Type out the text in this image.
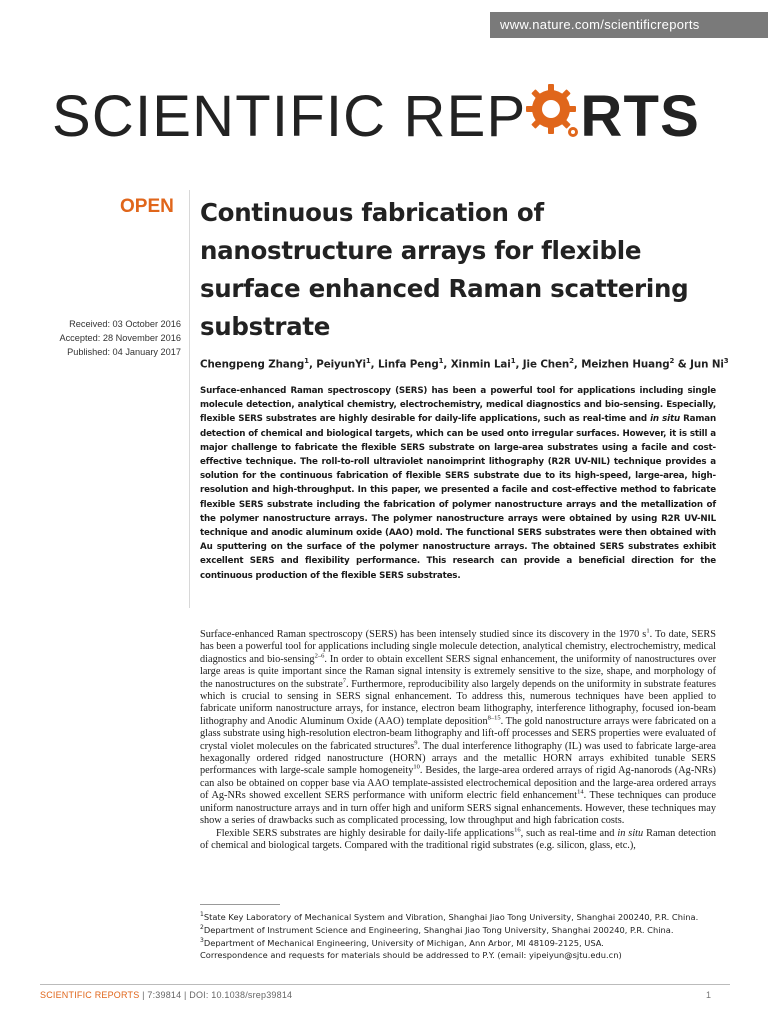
www.nature.com/scientificreports
SCIENTIFIC REP RTS
OPEN
Received: 03 October 2016
Accepted: 28 November 2016
Published: 04 January 2017
Continuous fabrication of nanostructure arrays for flexible surface enhanced Raman scattering substrate
Chengpeng Zhang$^1$, PeiyunYi$^1$, Linfa Peng$^1$, Xinmin Lai$^1$, Jie Chen$^2$, Meizhen Huang$^2$ & Jun Ni$^3$
Surface-enhanced Raman spectroscopy (SERS) has been a powerful tool for applications including single molecule detection, analytical chemistry, electrochemistry, medical diagnostics and bio-sensing. Especially, flexible SERS substrates are highly desirable for daily-life applications, such as real-time and in situ Raman detection of chemical and biological targets, which can be used onto irregular surfaces. However, it is still a major challenge to fabricate the flexible SERS substrate on large-area substrates using a facile and cost-effective technique. The roll-to-roll ultraviolet nanoimprint lithography (R2R UV-NIL) technique provides a solution for the continuous fabrication of flexible SERS substrate due to its high-speed, large-area, high-resolution and high-throughput. In this paper, we presented a facile and cost-effective method to fabricate flexible SERS substrate including the fabrication of polymer nanostructure arrays and the metallization of the polymer nanostructure arrays. The polymer nanostructure arrays were obtained by using R2R UV-NIL technique and anodic aluminum oxide (AAO) mold. The functional SERS substrates were then obtained with Au sputtering on the surface of the polymer nanostructure arrays. The obtained SERS substrates exhibit excellent SERS and flexibility performance. This research can provide a beneficial direction for the continuous production of the flexible SERS substrates.

Surface-enhanced Raman spectroscopy (SERS) has been intensely studied since its discovery in the 1970 $s^1$. To date, SERS has been a powerful tool for applications including single molecule detection, analytical chemistry, electrochemistry, medical diagnostics and bio-sensing$^{2-6}$. In order to obtain excellent SERS signal enhancement, the uniformity of nanostructures over large areas is quite important since the Raman signal intensity is extremely sensitive to the size, shape, and morphology of the nanostructures on the substrate$^7$. Furthermore, reproducibility also largely depends on the uniformity in substrate features which is crucial to sensing in SERS signal enhancement. To address this, numerous techniques have been applied to fabricate uniform nanostructure arrays, for instance, electron beam lithography, interference lithography, focused ion-beam lithography and Anodic Aluminum Oxide (AAO) template deposition$^{8-15}$. The gold nanostructure arrays were fabricated on a glass substrate using high-resolution electron-beam lithography and lift-off processes and SERS properties were evaluated of crystal violet molecules on the fabricated structures$^9$. The dual interference lithography (IL) was used to fabricate large-area hexagonally ordered ridged nanostructure (HORN) arrays and the metallic HORN arrays exhibited tunable SERS performances with large-scale sample homogeneity$^{10}$. Besides, the large-area ordered arrays of rigid Ag-nanorods (Ag-NRs) can also be obtained on copper base via AAO template-assisted electrochemical deposition and the large-area ordered arrays of Ag-NRs showed excellent SERS performance with uniform electric field enhancement$^{14}$. These techniques can produce uniform nanostructure arrays and in turn offer high and uniform SERS signal enhancements. However, these techniques may show a series of drawbacks such as complicated processing, low throughput and high fabrication costs.

Flexible SERS substrates are highly desirable for daily-life applications$^{16}$, such as real-time and in situ Raman detection of chemical and biological targets. Compared with the traditional rigid substrates (e.g. silicon, glass, etc.),

$^1$State Key Laboratory of Mechanical System and Vibration, Shanghai Jiao Tong University, Shanghai 200240, P.R. China. $^2$Department of Instrument Science and Engineering, Shanghai Jiao Tong University, Shanghai 200240, P.R. China. $^3$Department of Mechanical Engineering, University of Michigan, Ann Arbor, MI 48109-2125, USA.
Correspondence and requests for materials should be addressed to P.Y. (email: yipeiyun@sjtu.edu.cn)
SCIENTIFIC REPORTS | 7:39814 | DOI: 10.1038/srep39814	1
